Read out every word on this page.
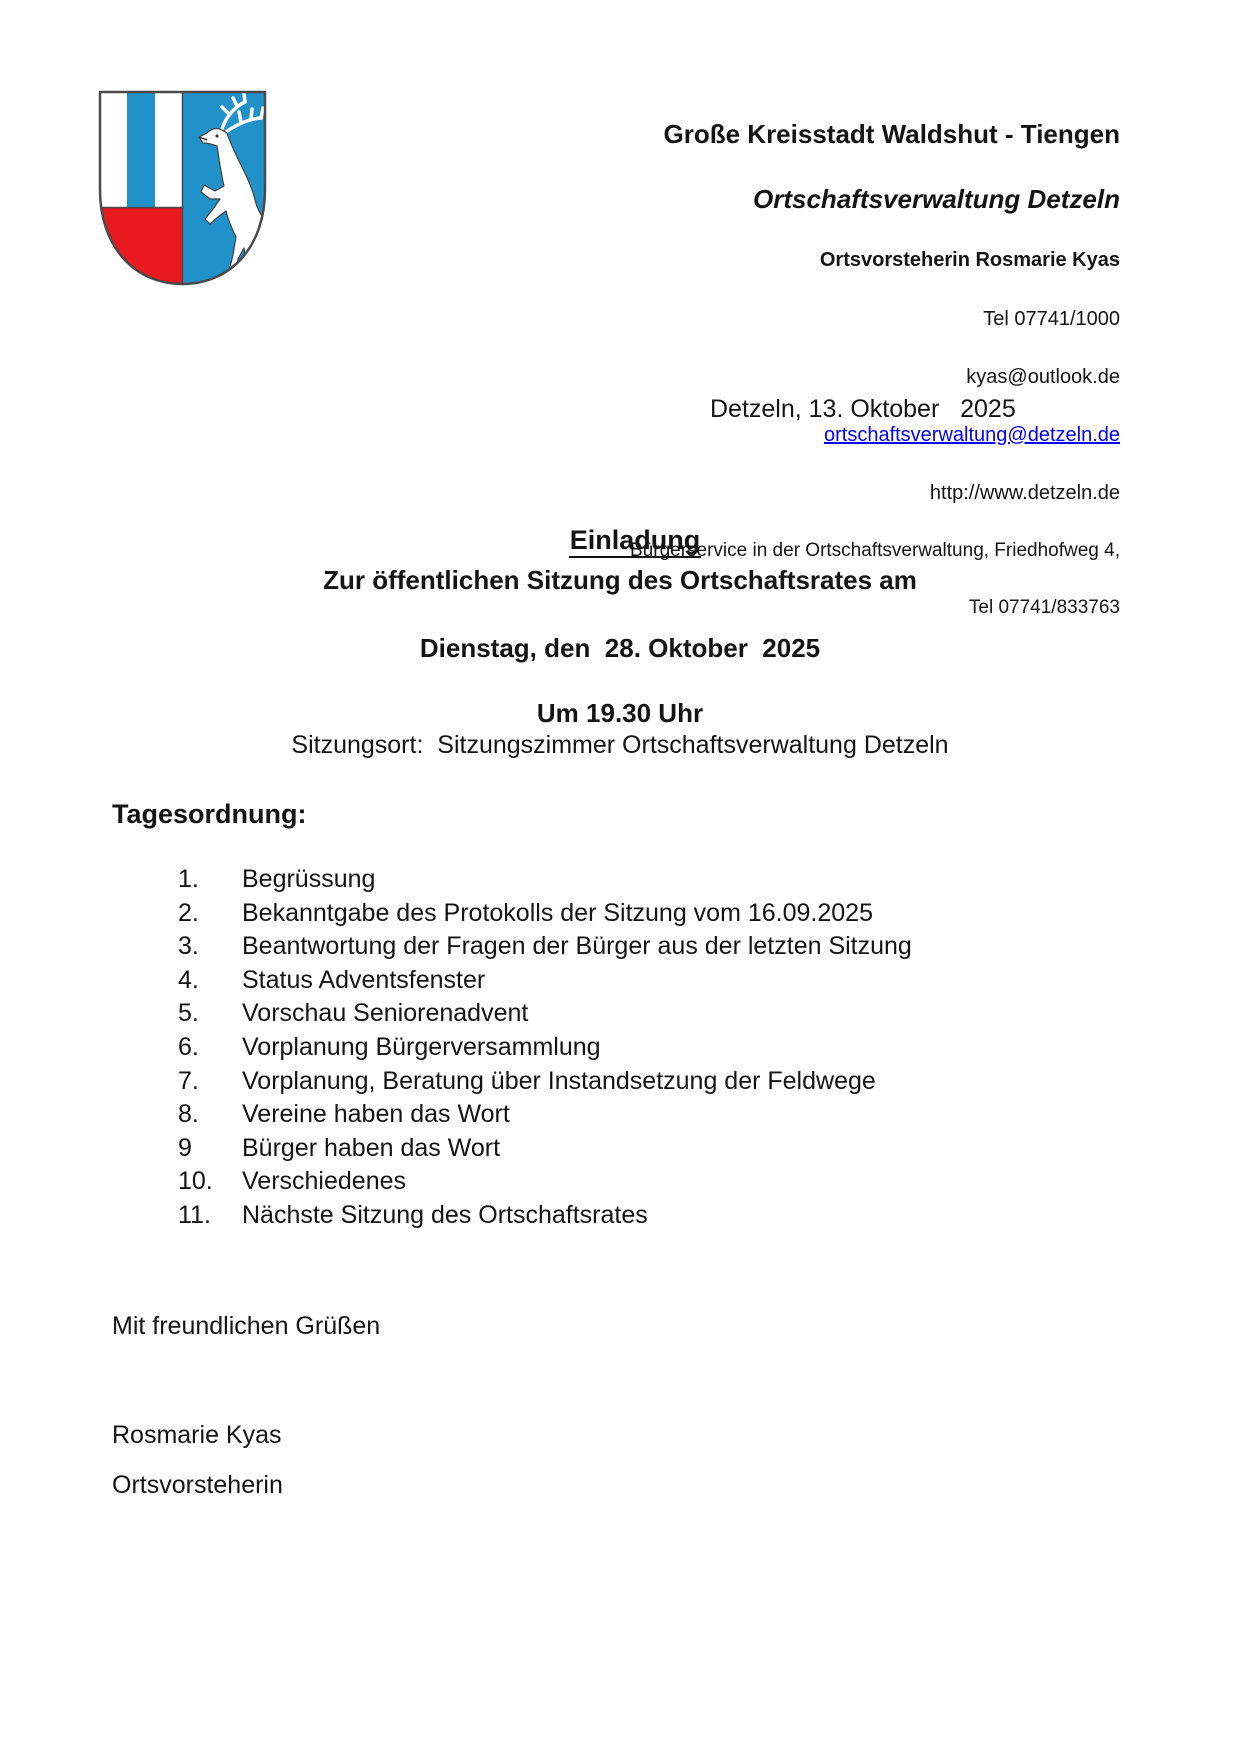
Große Kreisstadt Waldshut - Tiengen

Ortschaftsverwaltung Detzeln

Ortsvorsteherin Rosmarie Kyas

Tel 07741/1000

kyas@outlook.de

ortschaftsverwaltung@detzeln.de

http://www.detzeln.de

Bürgerservice in der Ortschaftsverwaltung, Friedhofweg 4,

Tel 07741/833763

Detzeln, 13. Oktober   2025

Einladung

Zur öffentlichen Sitzung des Ortschaftsrates am
Dienstag, den  28. Oktober  2025
Um 19.30 Uhr
Sitzungsort:  Sitzungszimmer Ortschaftsverwaltung Detzeln
Tagesordnung:
1.	Begrüssung
2.	Bekanntgabe des Protokolls der Sitzung vom 16.09.2025
3.	Beantwortung der Fragen der Bürger aus der letzten Sitzung
4.	Status Adventsfenster
5.	Vorschau Seniorenadvent
6.	Vorplanung Bürgerversammlung
7.	Vorplanung, Beratung über Instandsetzung der Feldwege
8.	Vereine haben das Wort
9	Bürger haben das Wort
10.	Verschiedenes
11.	Nächste Sitzung des Ortschaftsrates
Mit freundlichen Grüßen
Rosmarie Kyas
Ortsvorsteherin
